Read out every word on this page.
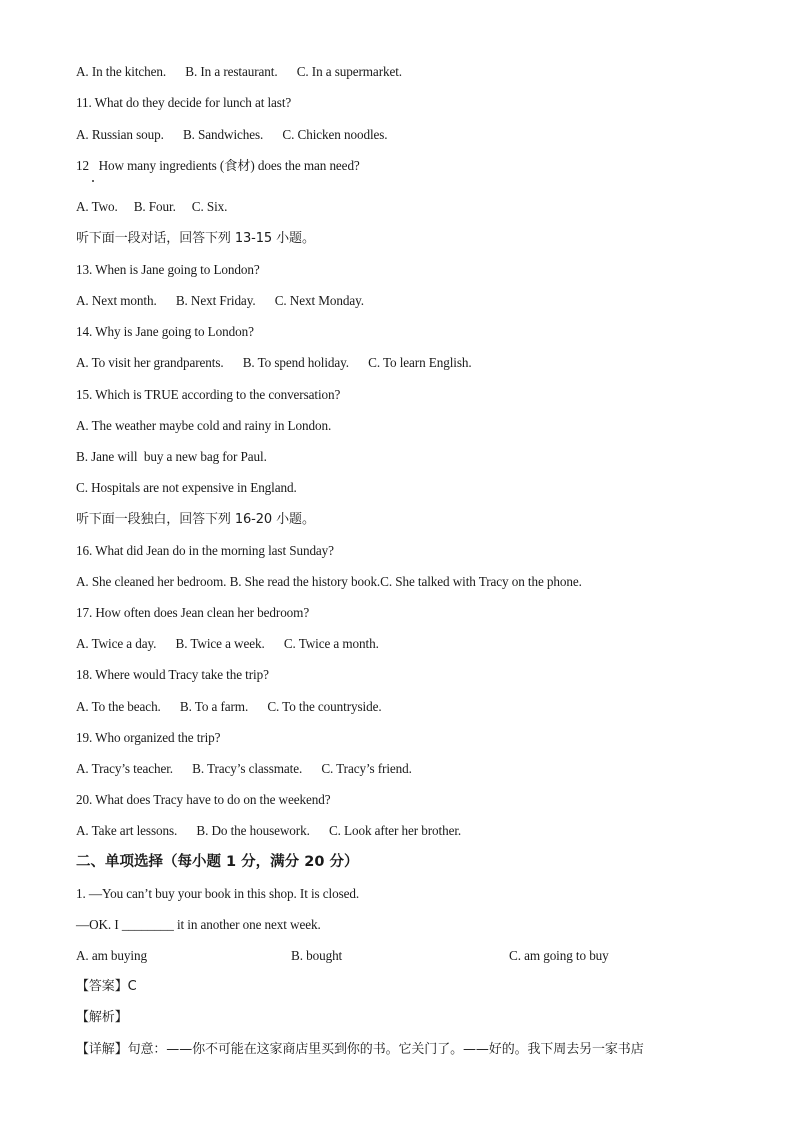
A. In the kitchen.      B. In a restaurant.      C. In a supermarket.
11. What do they decide for lunch at last?
A. Russian soup.      B. Sandwiches.      C. Chicken noodles.
12   How many ingredients (食材) does the man need?
A. Two.     B. Four.     C. Six.
听下面一段对话，回答下列 13-15 小题。
13. When is Jane going to London?
A. Next month.      B. Next Friday.      C. Next Monday.
14. Why is Jane going to London?
A. To visit her grandparents.      B. To spend holiday.      C. To learn English.
15. Which is TRUE according to the conversation?
A. The weather maybe cold and rainy in London.
B. Jane will  buy a new bag for Paul.
C. Hospitals are not expensive in England.
听下面一段独白，回答下列 16-20 小题。
16. What did Jean do in the morning last Sunday?
A. She cleaned her bedroom. B. She read the history book.C. She talked with Tracy on the phone.
17. How often does Jean clean her bedroom?
A. Twice a day.      B. Twice a week.      C. Twice a month.
18. Where would Tracy take the trip?
A. To the beach.      B. To a farm.      C. To the countryside.
19. Who organized the trip?
A. Tracy’s teacher.      B. Tracy’s classmate.      C. Tracy’s friend.
20. What does Tracy have to do on the weekend?
A. Take art lessons.      B. Do the housework.      C. Look after her brother.
二、单项选择（每小题 1 分，满分 20 分）
1. —You can’t buy your book in this shop. It is closed.
—OK. I ________ it in another one next week.
A. am buying	B. bought	C. am going to buy
【答案】C
【解析】
【详解】句意：——你不可能在这家商店里买到你的书。它关门了。——好的。我下周去另一家书店
